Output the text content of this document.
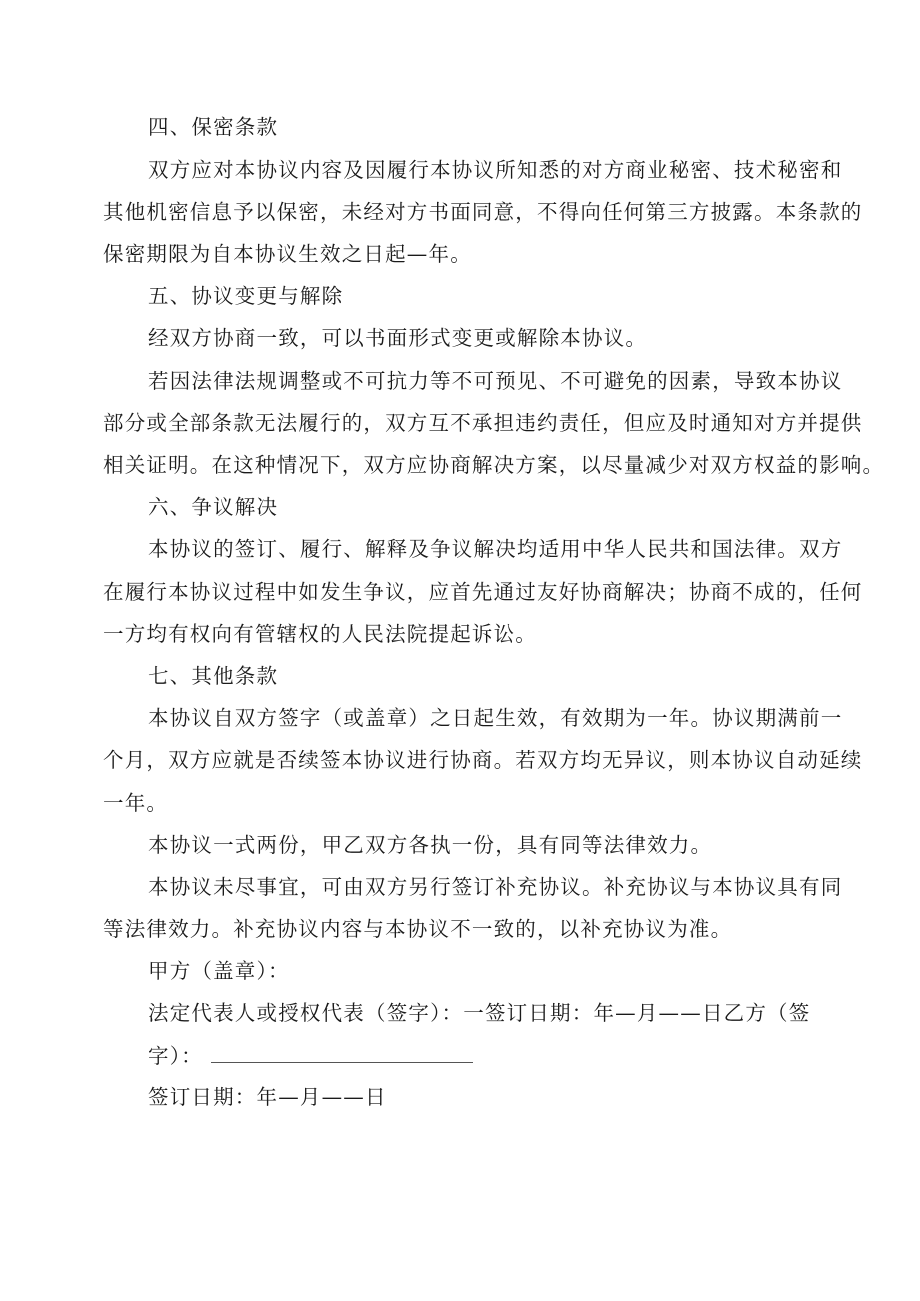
四、保密条款
双方应对本协议内容及因履行本协议所知悉的对方商业秘密、技术秘密和
其他机密信息予以保密，未经对方书面同意，不得向任何第三方披露。本条款的
保密期限为自本协议生效之日起—年。
五、协议变更与解除
经双方协商一致，可以书面形式变更或解除本协议。
若因法律法规调整或不可抗力等不可预见、不可避免的因素，导致本协议
部分或全部条款无法履行的，双方互不承担违约责任，但应及时通知对方并提供
相关证明。在这种情况下，双方应协商解决方案，以尽量减少对双方权益的影响。
六、争议解决
本协议的签订、履行、解释及争议解决均适用中华人民共和国法律。双方
在履行本协议过程中如发生争议，应首先通过友好协商解决；协商不成的，任何
一方均有权向有管辖权的人民法院提起诉讼。
七、其他条款
本协议自双方签字（或盖章）之日起生效，有效期为一年。协议期满前一
个月，双方应就是否续签本协议进行协商。若双方均无异议，则本协议自动延续
一年。
本协议一式两份，甲乙双方各执一份，具有同等法律效力。
本协议未尽事宜，可由双方另行签订补充协议。补充协议与本协议具有同
等法律效力。补充协议内容与本协议不一致的，以补充协议为准。
甲方（盖章）：
法定代表人或授权代表（签字）：一签订日期：年—月——日乙方（签
字）：
签订日期：年—月——日
